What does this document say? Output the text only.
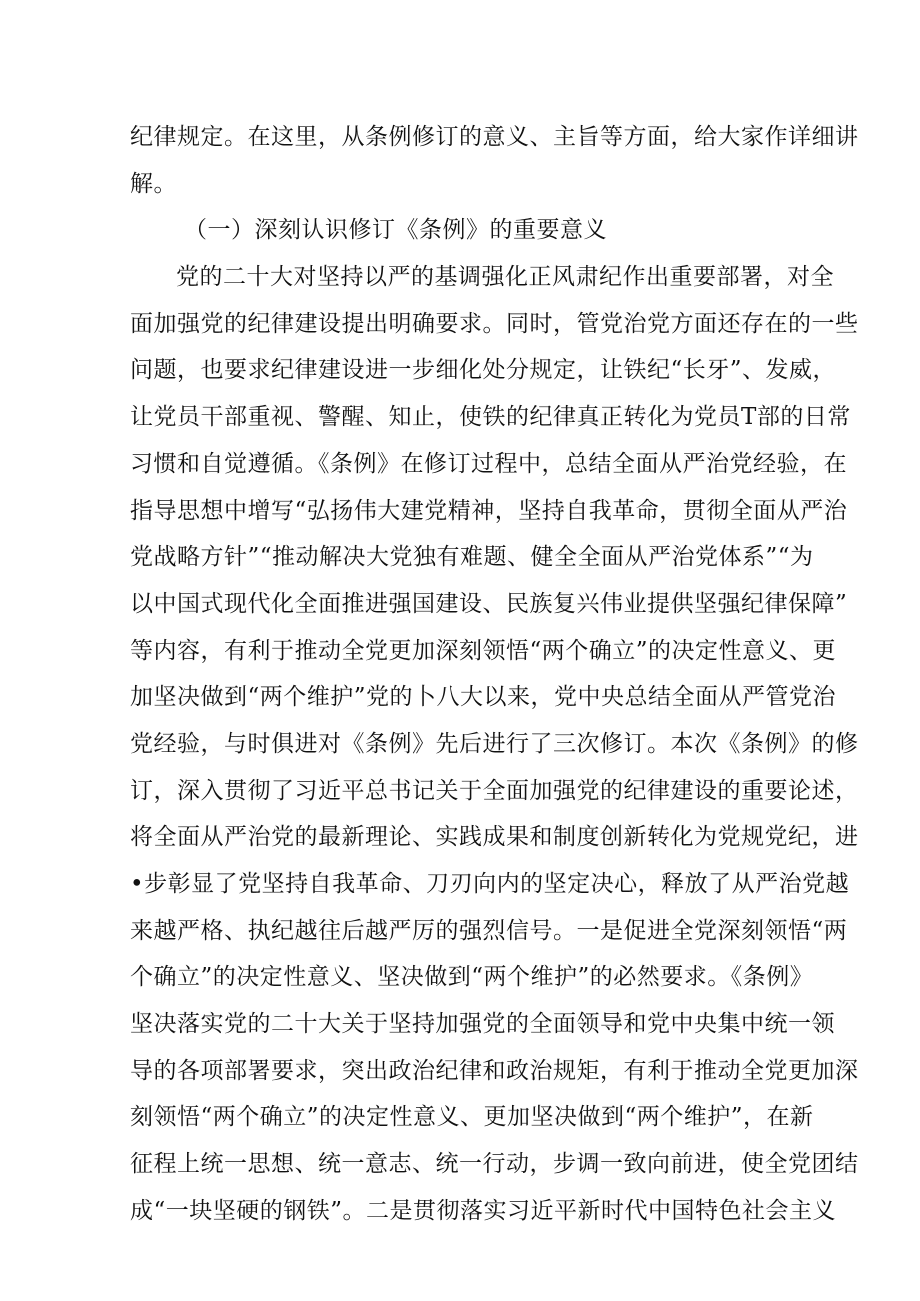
纪律规定。在这里，从条例修订的意义、主旨等方面，给大家作详细讲
解。
（一）深刻认识修订《条例》的重要意义
党的二十大对坚持以严的基调强化正风肃纪作出重要部署，对全
面加强党的纪律建设提出明确要求。同时，管党治党方面还存在的一些
问题，也要求纪律建设进一步细化处分规定，让铁纪“长牙”、发威，
让党员干部重视、警醒、知止，使铁的纪律真正转化为党员T部的日常
习惯和自觉遵循。《条例》在修订过程中，总结全面从严治党经验，在
指导思想中增写“弘扬伟大建党精神，坚持自我革命，贯彻全面从严治
党战略方针”“推动解决大党独有难题、健全全面从严治党体系”“为
以中国式现代化全面推进强国建设、民族复兴伟业提供坚强纪律保障”
等内容，有利于推动全党更加深刻领悟“两个确立”的决定性意义、更
加坚决做到“两个维护”党的卜八大以来，党中央总结全面从严管党治
党经验，与时俱进对《条例》先后进行了三次修订。本次《条例》的修
订，深入贯彻了习近平总书记关于全面加强党的纪律建设的重要论述，
将全面从严治党的最新理论、实践成果和制度创新转化为党规党纪，进
•步彰显了党坚持自我革命、刀刃向内的坚定决心，释放了从严治党越
来越严格、执纪越往后越严厉的强烈信号。一是促进全党深刻领悟“两
个确立”的决定性意义、坚决做到“两个维护”的必然要求。《条例》
坚决落实党的二十大关于坚持加强党的全面领导和党中央集中统一领
导的各项部署要求，突出政治纪律和政治规矩，有利于推动全党更加深
刻领悟“两个确立”的决定性意义、更加坚决做到“两个维护”，在新
征程上统一思想、统一意志、统一行动，步调一致向前进，使全党团结
成“一块坚硬的钢铁”。二是贯彻落实习近平新时代中国特色社会主义
